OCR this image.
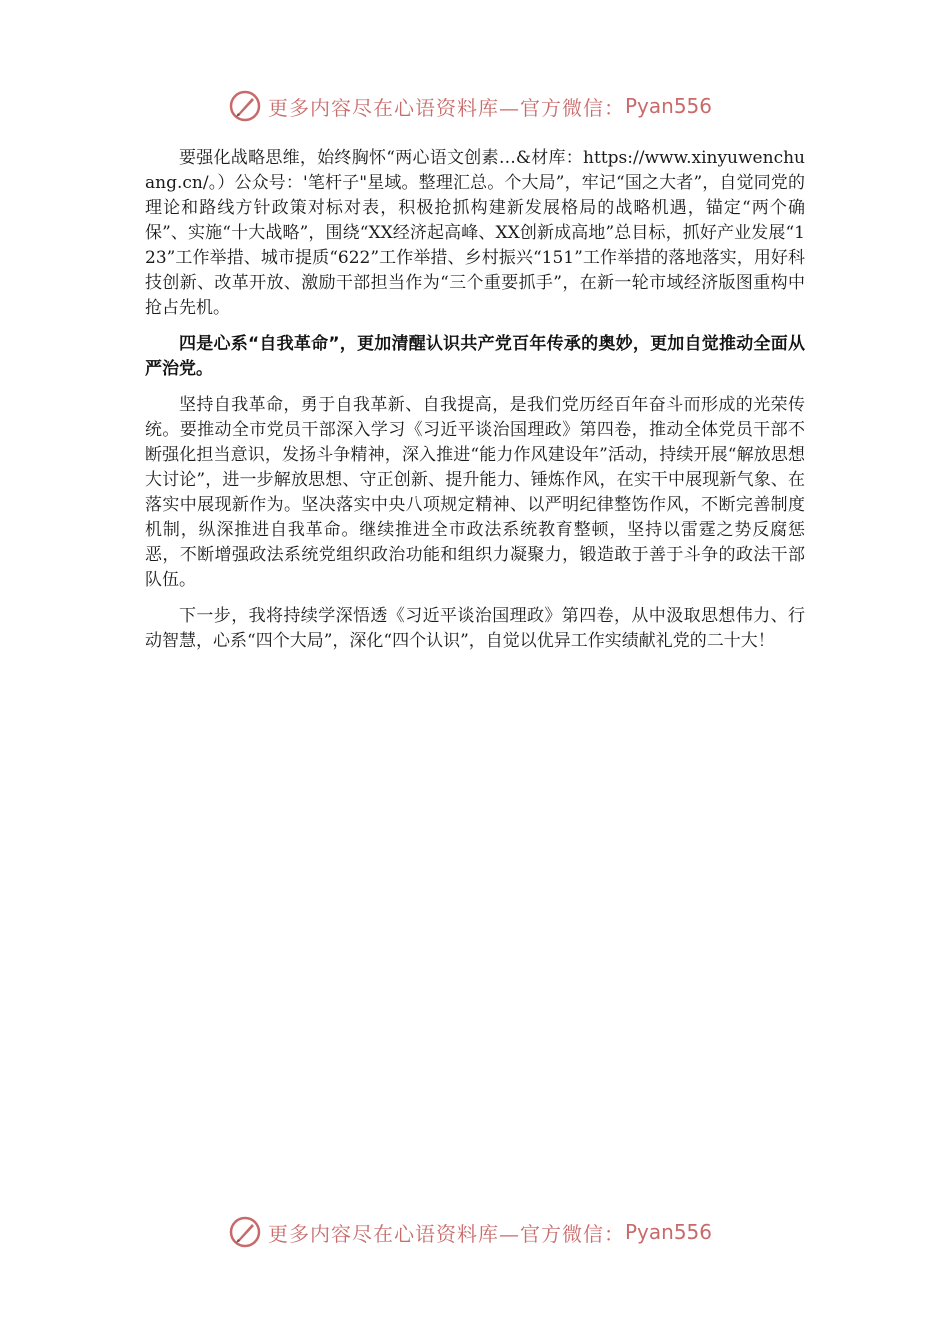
更多内容尽在心语资料库—官方微信： Pyan556

要强化战略思维，始终胸怀“两心语文创素…&材库：https://www.xinyuwenchuang.cn/。）公众号：'笔杆子"星域。整理汇总。个大局”，牢记“国之大者”，自觉同党的理论和路线方针政策对标对表，积极抢抓构建新发展格局的战略机遇，锚定“两个确保”、实施“十大战略”，围绕“XX经济起高峰、XX创新成高地”总目标，抓好产业发展“123”工作举措、城市提质“622”工作举措、乡村振兴“151”工作举措的落地落实，用好科技创新、改革开放、激励干部担当作为“三个重要抓手”，在新一轮市域经济版图重构中抢占先机。

四是心系“自我革命”，更加清醒认识共产党百年传承的奥妙，更加自觉推动全面从严治党。

坚持自我革命，勇于自我革新、自我提高，是我们党历经百年奋斗而形成的光荣传统。要推动全市党员干部深入学习《习近平谈治国理政》第四卷，推动全体党员干部不断强化担当意识，发扬斗争精神，深入推进“能力作风建设年”活动，持续开展“解放思想大讨论”，进一步解放思想、守正创新、提升能力、锤炼作风，在实干中展现新气象、在落实中展现新作为。坚决落实中央八项规定精神、以严明纪律整饬作风，不断完善制度机制，纵深推进自我革命。继续推进全市政法系统教育整顿，坚持以雷霆之势反腐惩恶，不断增强政法系统党组织政治功能和组织力凝聚力，锻造敢于善于斗争的政法干部队伍。

下一步，我将持续学深悟透《习近平谈治国理政》第四卷，从中汲取思想伟力、行动智慧，心系“四个大局”，深化“四个认识”，自觉以优异工作实绩献礼党的二十大！

更多内容尽在心语资料库—官方微信： Pyan556
